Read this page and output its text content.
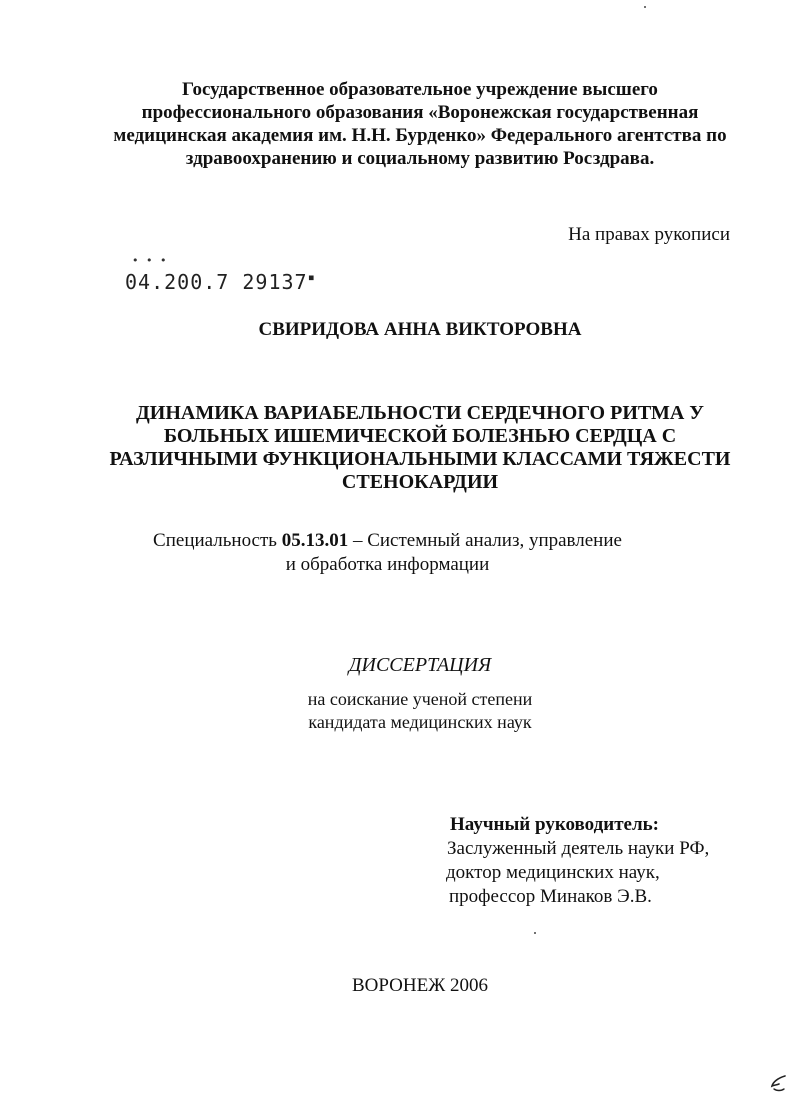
Государственное образовательное учреждение высшего
профессионального образования «Воронежская государственная
медицинская академия им. Н.Н. Бурденко» Федерального агентства по
здравоохранению и социальному развитию Росздрава.
На правах рукописи
• • •
04.200.7 29137▪
СВИРИДОВА АННА ВИКТОРОВНА
ДИНАМИКА ВАРИАБЕЛЬНОСТИ СЕРДЕЧНОГО РИТМА У
БОЛЬНЫХ ИШЕМИЧЕСКОЙ БОЛЕЗНЬЮ СЕРДЦА С
РАЗЛИЧНЫМИ ФУНКЦИОНАЛЬНЫМИ КЛАССАМИ ТЯЖЕСТИ
СТЕНОКАРДИИ
Специальность 05.13.01 – Системный анализ, управление
и обработка информации
ДИССЕРТАЦИЯ
на соискание ученой степени
кандидата медицинских наук
Научный руководитель:
Заслуженный деятель науки РФ,
доктор медицинских наук,
профессор Минаков Э.В.
ВОРОНЕЖ 2006
